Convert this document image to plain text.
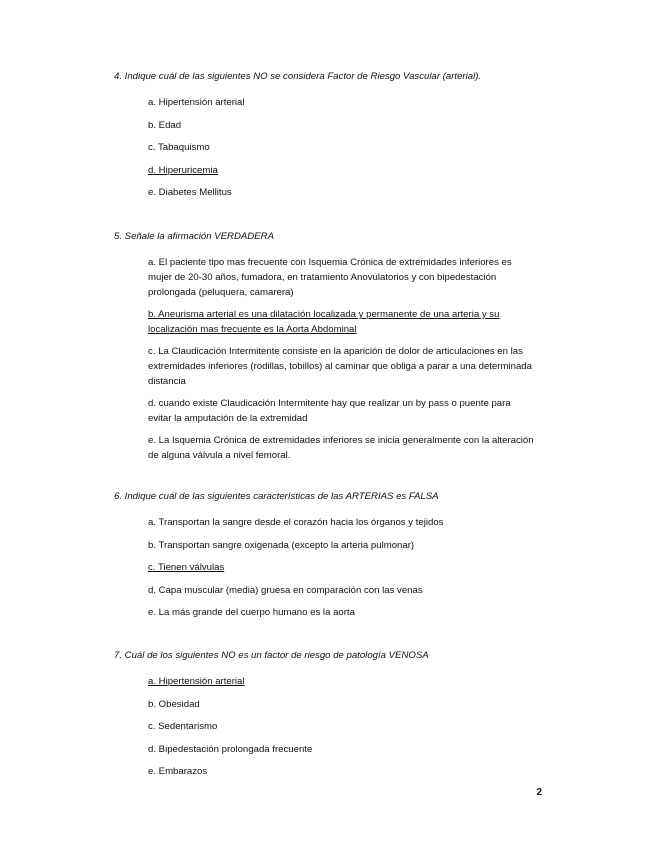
4. Indique cuál de las siguientes NO se considera Factor de Riesgo Vascular (arterial).

a. Hipertensión arterial
b. Edad
c. Tabaquismo
d. Hiperuricemia
e. Diabetes Mellitus

5. Señale la afirmación VERDADERA

a. El paciente tipo mas frecuente con Isquemia Crónica de extremidades inferiores es mujer de 20-30 años, fumadora, en tratamiento Anovulatorios y con bipedestación prolongada (peluquera, camarera)
b. Aneurisma arterial es una dilatación localizada y permanente de una arteria y su localización mas frecuente es la Aorta Abdominal
c. La Claudicación Intermitente consiste en la aparición de dolor de articulaciones en las extremidades inferiores (rodillas, tobillos) al caminar que obliga a parar a una determinada distancia
d. cuando existe Claudicación Intermitente hay que realizar un by pass o puente para evitar la amputación de la extremidad
e. La Isquemia Crónica de extremidades inferiores se inicia generalmente con la alteración de alguna válvula a nivel femoral.

6. Indique cuál de las siguientes características de las ARTERIAS es FALSA

a. Transportan la sangre desde el corazón hacia los órganos y tejidos
b. Transportan sangre oxigenada (excepto la arteria pulmonar)
c. Tienen válvulas
d. Capa muscular (media) gruesa en comparación con las venas
e. La más grande del cuerpo humano es la aorta

7. Cuál de los siguientes NO es un factor de riesgo de patología VENOSA

a. Hipertensión arterial
b. Obesidad
c. Sedentarismo
d. Bipedestación prolongada frecuente
e. Embarazos
2
